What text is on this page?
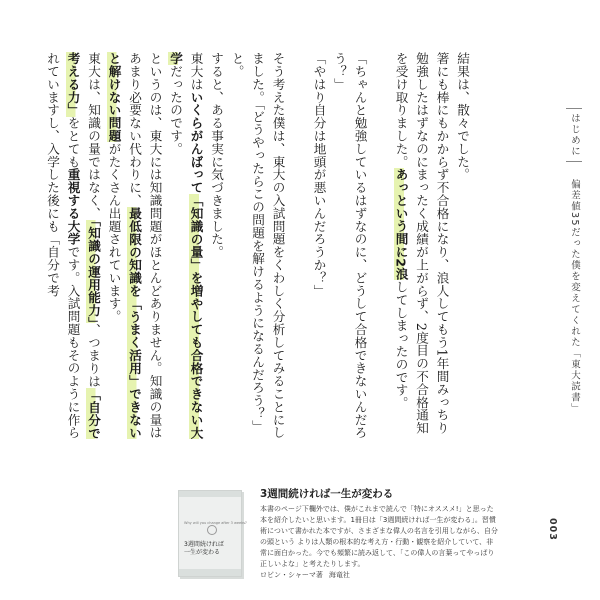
結果は、散々でした。

箸にも棒にもかからず不合格になり、浪人してもう1年間みっちり勉強したはずなのにまったく成績が上がらず、2度目の不合格通知を受け取りました。あっという間に2浪してしまったのです。

「ちゃんと勉強しているはずなのに、どうして合格できないんだろう？」

「やはり自分は地頭が悪いんだろうか？」

そう考えた僕は、東大の入試問題をくわしく分析してみることにしました。「どうやったらこの問題を解けるようになるんだろう？」と。

すると、ある事実に気づきました。

東大はいくらがんばって「知識の量」を増やしても合格できない大学だったのです。

というのは、東大には知識問題がほとんどありません。知識の量はあまり必要ない代わりに、最低限の知識を「うまく活用」できないと解けない問題がたくさん出題されています。

東大は、知識の量ではなく、「知識の運用能力」、つまりは「自分で考える力」をとても重視する大学です。入試問題もそのように作られていますし、入学した後にも「自分で考	はじめに 偏差値35だった僕を変えてくれた「東大読書」
003
Why will you change after 3 weeks?
3週間続ければ
一生が変わる
3週間続ければ一生が変わる

本書のページ下欄外では、僕がこれまで読んで「特にオススメ!」と思った本を紹介したいと思います。1冊目は「3週間続ければ一生が変わる」。習慣術について書かれた本ですが、さまざまな偉人の名言を引用しながら、自分の頭という よりは人類の根本的な考え方・行動・観察を紹介していて、非常に面白かった。今でも頻繁に読み返して、「この偉人の言葉ってやっぱり正しいよな」と考えたりします。

ロビン・シャーマ著 海竜社
